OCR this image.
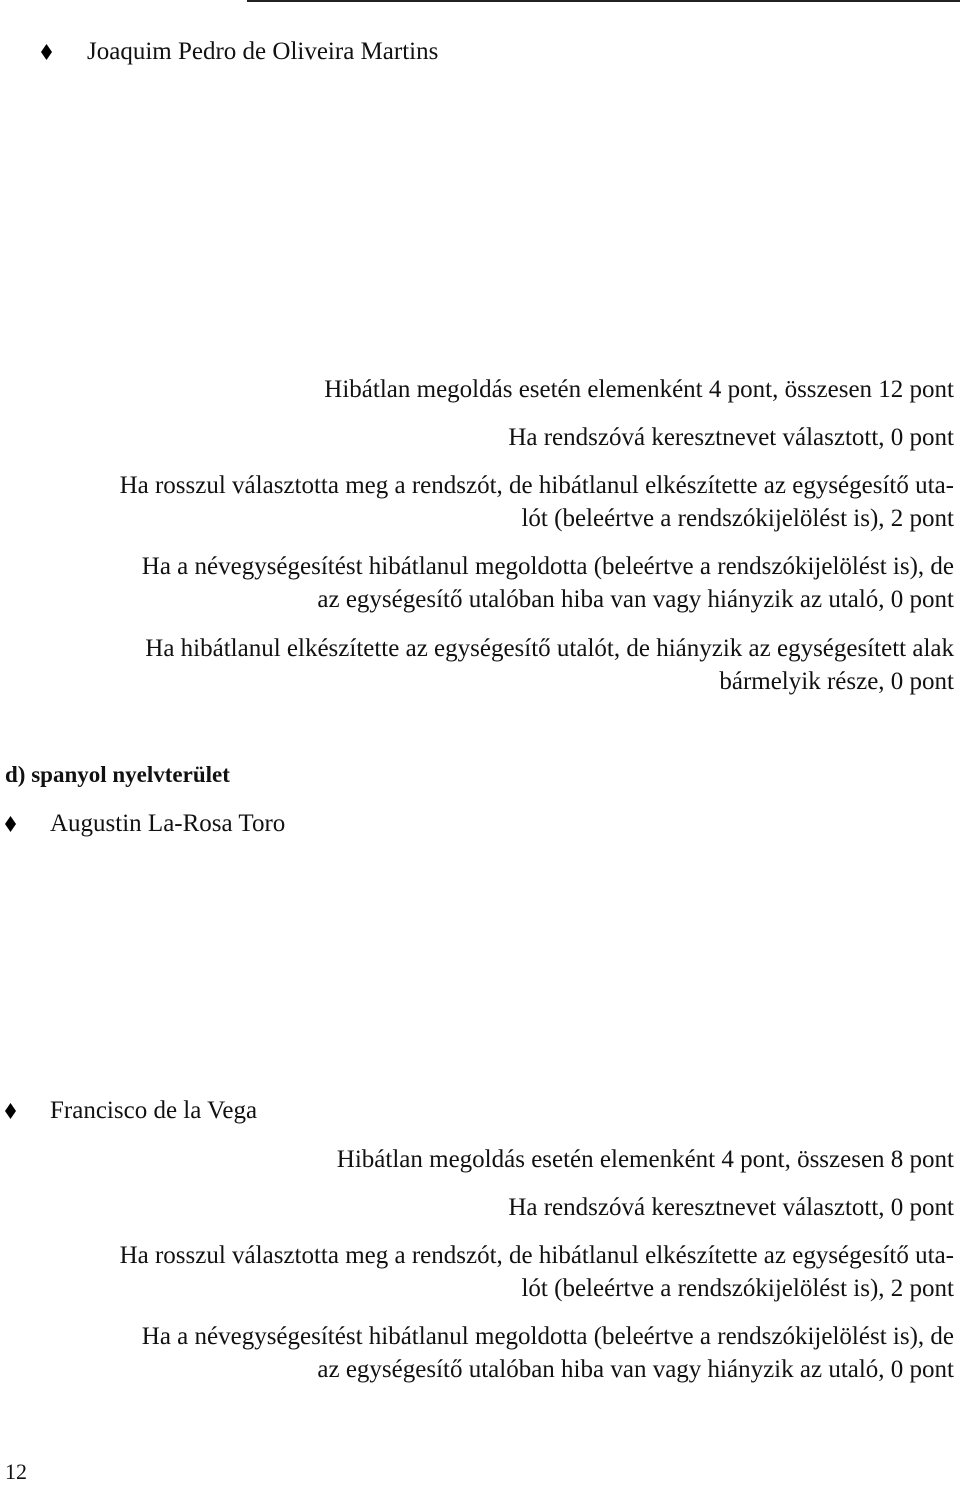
Joaquim Pedro de Oliveira Martins
Hibátlan megoldás esetén elemenként 4 pont, összesen 12 pont
Ha rendszóvá keresztnevet választott, 0 pont
Ha rosszul választotta meg a rendszót, de hibátlanul elkészítette az egységesítő uta-
lót (beleértve a rendszókijelölést is), 2 pont
Ha a névegységesítést hibátlanul megoldotta (beleértve a rendszókijelölést is), de
az egységesítő utalóban hiba van vagy hiányzik az utaló, 0 pont
Ha hibátlanul elkészítette az egységesítő utalót, de hiányzik az egységesített alak
bármelyik része, 0 pont
d) spanyol nyelvterület
Augustin La-Rosa Toro
Francisco de la Vega
Hibátlan megoldás esetén elemenként 4 pont, összesen 8 pont
Ha rendszóvá keresztnevet választott, 0 pont
Ha rosszul választotta meg a rendszót, de hibátlanul elkészítette az egységesítő uta-
lót (beleértve a rendszókijelölést is), 2 pont
Ha a névegységesítést hibátlanul megoldotta (beleértve a rendszókijelölést is), de
az egységesítő utalóban hiba van vagy hiányzik az utaló, 0 pont
12
